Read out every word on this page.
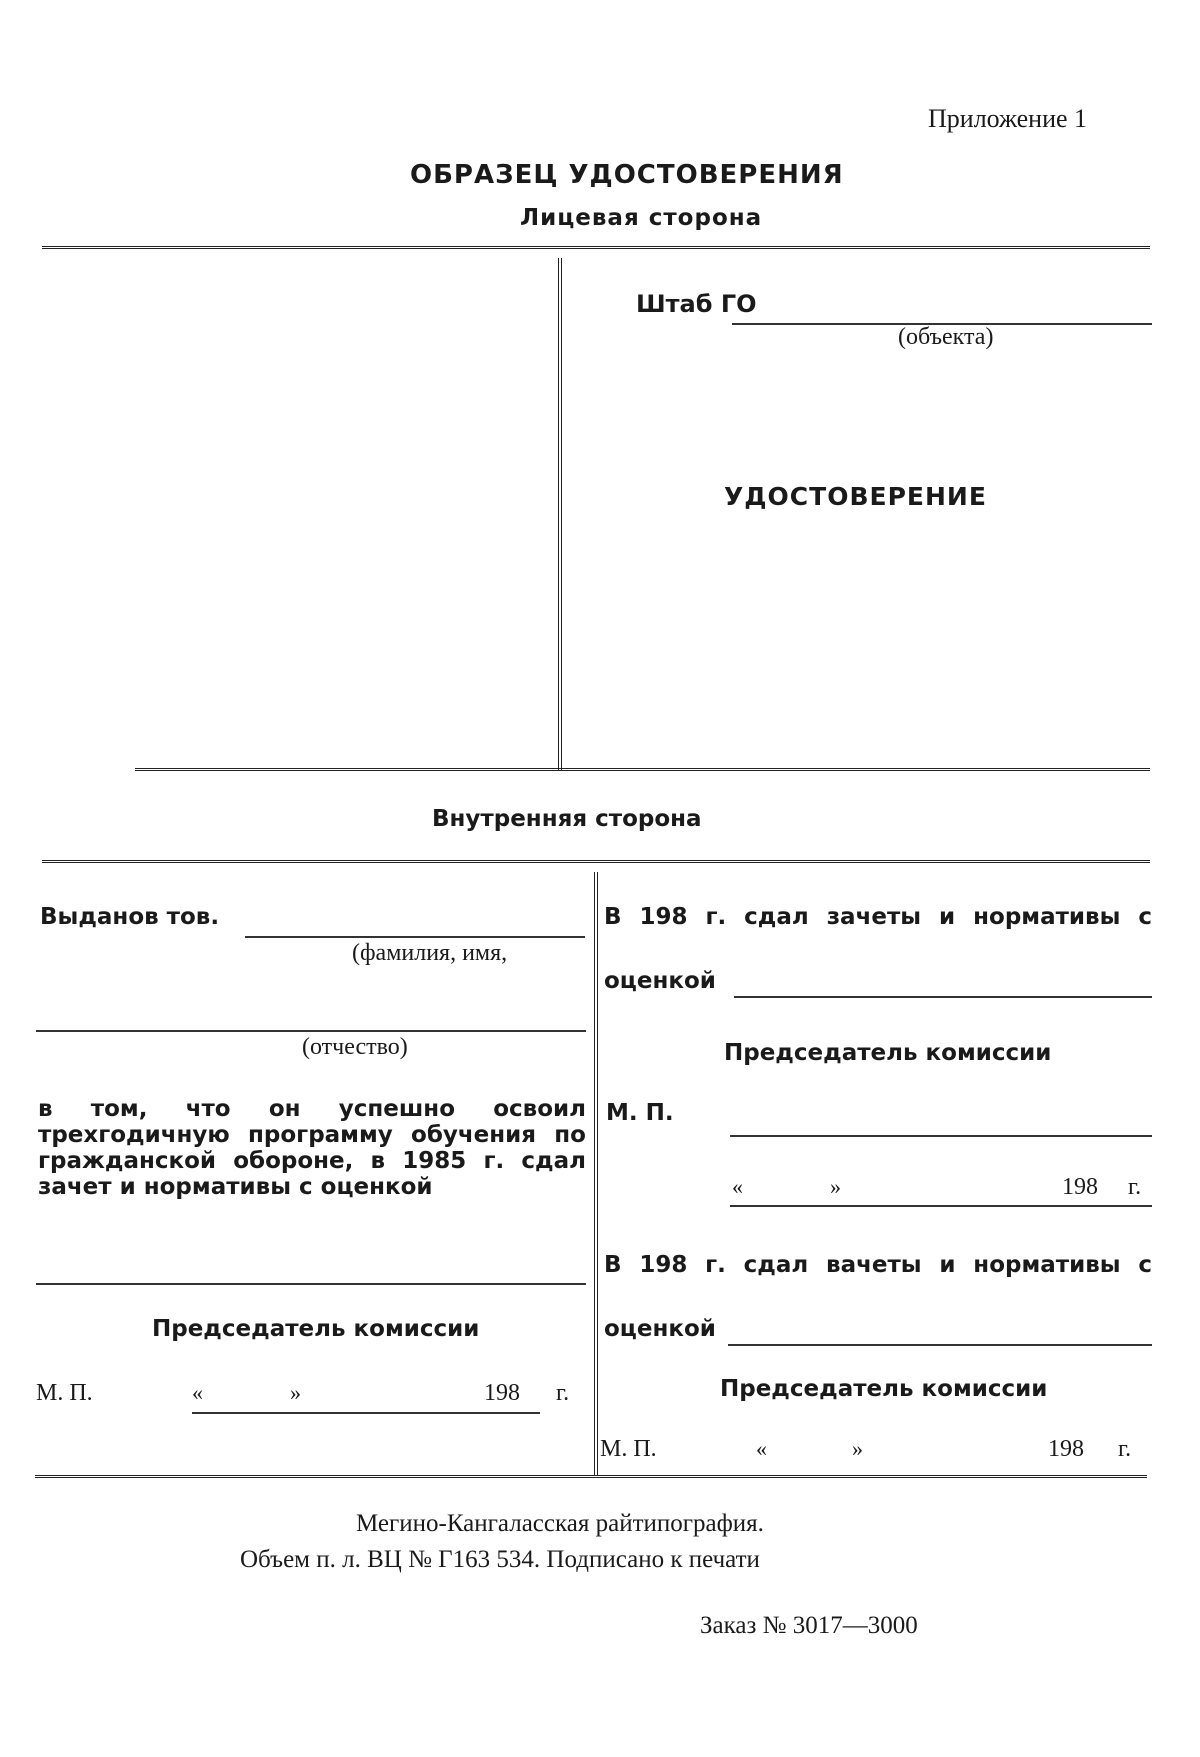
Приложение 1
ОБРАЗЕЦ УДОСТОВЕРЕНИЯ
Лицевая сторона
Штаб ГО
(объекта)
УДОСТОВЕРЕНИЕ
Внутренняя сторона
Выданов тов.
(фамилия, имя,
(отчество)
в том, что он успешно освоил трехгодичную программу обучения по гражданской обороне, в 1985 г. сдал зачет и нормативы с оценкой
Председатель комиссии
М. П.	«	»	198 г.
В 198 г. сдал зачеты и нормативы с
оценкой
Председатель комиссии
М. П.
«	»	198 г.
В 198 г. сдал вачеты и нормативы с
оценкой
Председатель комиссии
М. П.	«	»	198 г.
Мегино-Кангаласская райтипография.
Объем п. л. ВЦ № Г163 534. Подписано к печати
Заказ № 3017—3000
